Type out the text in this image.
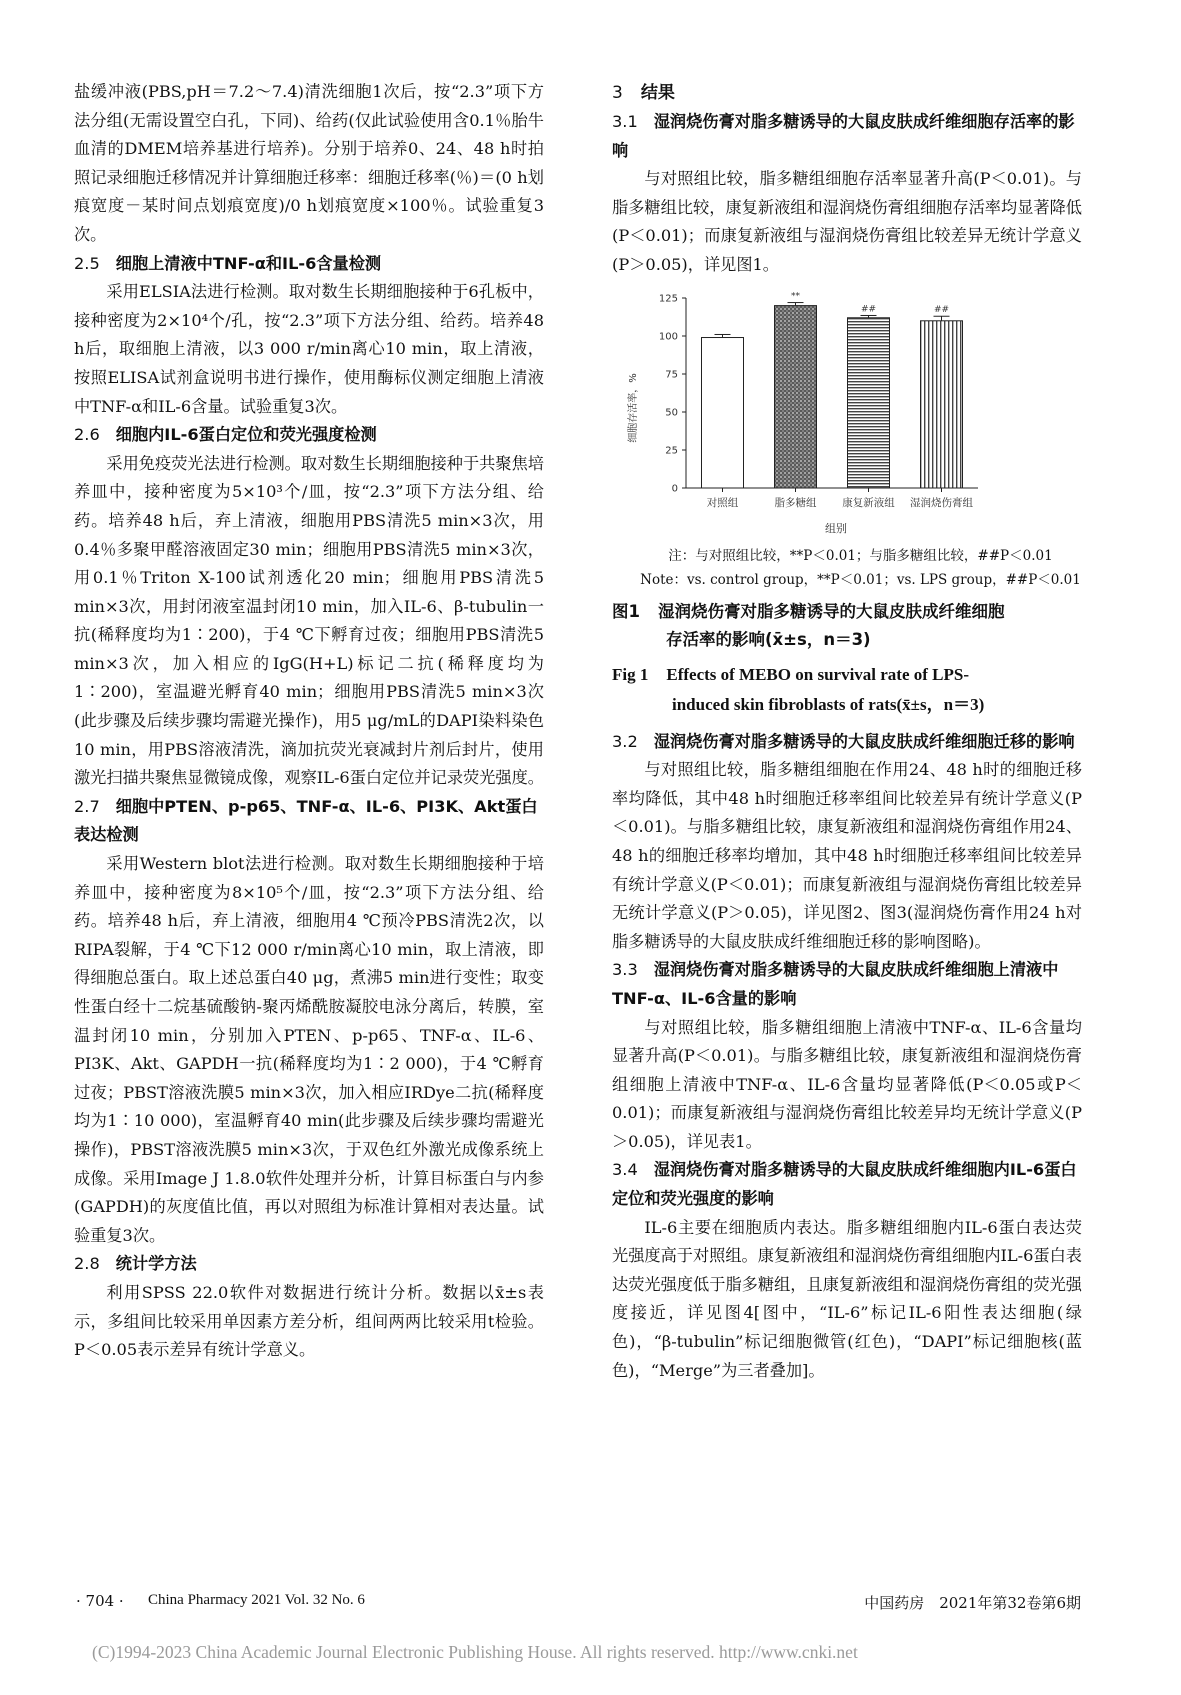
盐缓冲液(PBS,pH＝7.2～7.4)清洗细胞1次后，按“2.3”项下方法分组(无需设置空白孔，下同)、给药(仅此试验使用含0.1％胎牛血清的DMEM培养基进行培养)。分别于培养0、24、48 h时拍照记录细胞迁移情况并计算细胞迁移率：细胞迁移率(％)＝(0 h划痕宽度－某时间点划痕宽度)/0 h划痕宽度×100％。试验重复3次。

2.5 细胞上清液中TNF-α和IL-6含量检测

采用ELSIA法进行检测。取对数生长期细胞接种于6孔板中，接种密度为2×10⁴个/孔，按“2.3”项下方法分组、给药。培养48 h后，取细胞上清液，以3 000 r/min离心10 min，取上清液，按照ELISA试剂盒说明书进行操作，使用酶标仪测定细胞上清液中TNF-α和IL-6含量。试验重复3次。

2.6 细胞内IL-6蛋白定位和荧光强度检测

采用免疫荧光法进行检测。取对数生长期细胞接种于共聚焦培养皿中，接种密度为5×10³个/皿，按“2.3”项下方法分组、给药。培养48 h后，弃上清液，细胞用PBS清洗5 min×3次，用0.4％多聚甲醛溶液固定30 min；细胞用PBS清洗5 min×3次，用0.1％Triton X-100试剂透化20 min；细胞用PBS清洗5 min×3次，用封闭液室温封闭10 min，加入IL-6、β-tubulin一抗(稀释度均为1∶200)，于4 ℃下孵育过夜；细胞用PBS清洗5 min×3次，加入相应的IgG(H+L)标记二抗(稀释度均为1∶200)，室温避光孵育40 min；细胞用PBS清洗5 min×3次(此步骤及后续步骤均需避光操作)，用5 μg/mL的DAPI染料染色10 min，用PBS溶液清洗，滴加抗荧光衰减封片剂后封片，使用激光扫描共聚焦显微镜成像，观察IL-6蛋白定位并记录荧光强度。

2.7 细胞中PTEN、p-p65、TNF-α、IL-6、PI3K、Akt蛋白表达检测

采用Western blot法进行检测。取对数生长期细胞接种于培养皿中，接种密度为8×10⁵个/皿，按“2.3”项下方法分组、给药。培养48 h后，弃上清液，细胞用4 ℃预冷PBS清洗2次，以RIPA裂解，于4 ℃下12 000 r/min离心10 min，取上清液，即得细胞总蛋白。取上述总蛋白40 μg，煮沸5 min进行变性；取变性蛋白经十二烷基硫酸钠-聚丙烯酰胺凝胶电泳分离后，转膜，室温封闭10 min，分别加入PTEN、p-p65、TNF-α、IL-6、PI3K、Akt、GAPDH一抗(稀释度均为1∶2 000)，于4 ℃孵育过夜；PBST溶液洗膜5 min×3次，加入相应IRDye二抗(稀释度均为1∶10 000)，室温孵育40 min(此步骤及后续步骤均需避光操作)，PBST溶液洗膜5 min×3次，于双色红外激光成像系统上成像。采用Image J 1.8.0软件处理并分析，计算目标蛋白与内参(GAPDH)的灰度值比值，再以对照组为标准计算相对表达量。试验重复3次。

2.8 统计学方法

利用SPSS 22.0软件对数据进行统计分析。数据以x̄±s表示，多组间比较采用单因素方差分析，组间两两比较采用t检验。P＜0.05表示差异有统计学意义。

3 结果
3.1 湿润烧伤膏对脂多糖诱导的大鼠皮肤成纤维细胞存活率的影响

与对照组比较，脂多糖组细胞存活率显著升高(P＜0.01)。与脂多糖组比较，康复新液组和湿润烧伤膏组细胞存活率均显著降低(P＜0.01)；而康复新液组与湿润烧伤膏组比较差异无统计学意义(P＞0.05)，详见图1。

**
##	##
0
25
50
75
100
125
对照组	脂多糖组 康复新液组 湿润烧伤膏组
细胞存活率，%
组别

注：与对照组比较，**P＜0.01；与脂多糖组比较，##P＜0.01

Note：vs. control group，**P＜0.01；vs. LPS group，##P＜0.01

图1 湿润烧伤膏对脂多糖诱导的大鼠皮肤成纤维细胞
存活率的影响(x̄±s，n＝3)
Fig 1 Effects of MEBO on survival rate of LPS-
induced skin fibroblasts of rats(x̄±s，n＝3)
3.2 湿润烧伤膏对脂多糖诱导的大鼠皮肤成纤维细胞迁移的影响

与对照组比较，脂多糖组细胞在作用24、48 h时的细胞迁移率均降低，其中48 h时细胞迁移率组间比较差异有统计学意义(P＜0.01)。与脂多糖组比较，康复新液组和湿润烧伤膏组作用24、48 h的细胞迁移率均增加，其中48 h时细胞迁移率组间比较差异有统计学意义(P＜0.01)；而康复新液组与湿润烧伤膏组比较差异无统计学意义(P＞0.05)，详见图2、图3(湿润烧伤膏作用24 h对脂多糖诱导的大鼠皮肤成纤维细胞迁移的影响图略)。

3.3 湿润烧伤膏对脂多糖诱导的大鼠皮肤成纤维细胞上清液中TNF-α、IL-6含量的影响

与对照组比较，脂多糖组细胞上清液中TNF-α、IL-6含量均显著升高(P＜0.01)。与脂多糖组比较，康复新液组和湿润烧伤膏组细胞上清液中TNF-α、IL-6含量均显著降低(P＜0.05或P＜0.01)；而康复新液组与湿润烧伤膏组比较差异均无统计学意义(P＞0.05)，详见表1。

3.4 湿润烧伤膏对脂多糖诱导的大鼠皮肤成纤维细胞内IL-6蛋白定位和荧光强度的影响

IL-6主要在细胞质内表达。脂多糖组细胞内IL-6蛋白表达荧光强度高于对照组。康复新液组和湿润烧伤膏组细胞内IL-6蛋白表达荧光强度低于脂多糖组，且康复新液组和湿润烧伤膏组的荧光强度接近，详见图4[图中，“IL-6”标记IL-6阳性表达细胞(绿色)，“β-tubulin”标记细胞微管(红色)，“DAPI”标记细胞核(蓝色)，“Merge”为三者叠加]。

· 704 · China Pharmacy 2021 Vol. 32 No. 6	中国药房　2021年第32卷第6期
(C)1994-2023 China Academic Journal Electronic Publishing House. All rights reserved. http://www.cnki.net
